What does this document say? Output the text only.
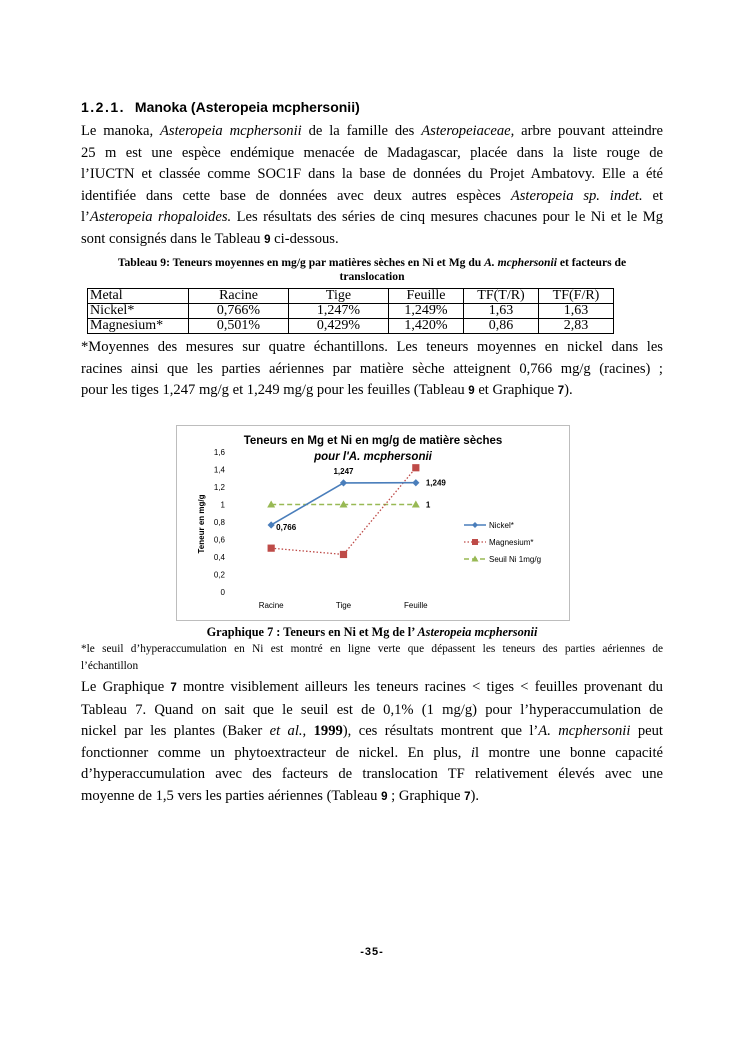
1.2.1. Manoka (Asteropeia mcphersonii)
Le manoka, Asteropeia mcphersonii de la famille des Asteropeiaceae, arbre pouvant atteindre
25 m est une espèce endémique menacée de Madagascar, placée dans la liste rouge de
l’IUCTN et classée comme SOC1F dans la base de données du Projet Ambatovy. Elle a été
identifiée dans cette base de données avec deux autres espèces Asteropeia sp. indet. et
l’Asteropeia rhopaloides. Les résultats des séries de cinq mesures chacunes pour le Ni et le Mg
sont consignés dans le Tableau 9 ci-dessous.
Tableau 9: Teneurs moyennes en mg/g par matières sèches en Ni et Mg du A. mcphersonii et facteurs de
translocation
Metal	Racine	Tige	Feuille	TF(T/R)	TF(F/R)
Nickel*	0,766%	1,247%	1,249̈%	1,63	1,63
Magnesium*	0,501%	0,429%	1,420%	0,86	2,83
*Moyennes des mesures sur quatre échantillons. Les teneurs moyennes en nickel dans les
racines ainsi que les parties aériennes par matière sèche atteignent 0,766 mg/g (racines) ;
pour les tiges 1,247 mg/g et 1,249 mg/g pour les feuilles (Tableau 9 et Graphique 7).
Teneurs en Mg et Ni en mg/g de matière sèches
pour l'A. mcphersonii
Teneur en mg/g
0
0,2
0,4
0,6
0,8
1
1,2
1,4
1,6
Racine	Tige	Feuille
1
0,766
1,247
1,249
Nickel*
Magnesium*
Seuil Ni 1mg/g
Graphique 7 : Teneurs en Ni et Mg de l’ Asteropeia mcphersonii
*le seuil d’hyperaccumulation en Ni est montré en ligne verte que dépassent les teneurs des parties aériennes de
l’échantillon
Le Graphique 7 montre visiblement ailleurs les teneurs racines < tiges < feuilles provenant du
Tableau 7. Quand on sait que le seuil est de 0,1% (1 mg/g) pour l’hyperaccumulation de
nickel par les plantes (Baker et al., 1999), ces résultats montrent que l’A. mcphersonii peut
fonctionner comme un phytoextracteur de nickel. En plus, il montre une bonne capacité
d’hyperaccumulation avec des facteurs de translocation TF relativement élevés avec une
moyenne de 1,5 vers les parties aériennes (Tableau 9 ; Graphique 7).
-35-
